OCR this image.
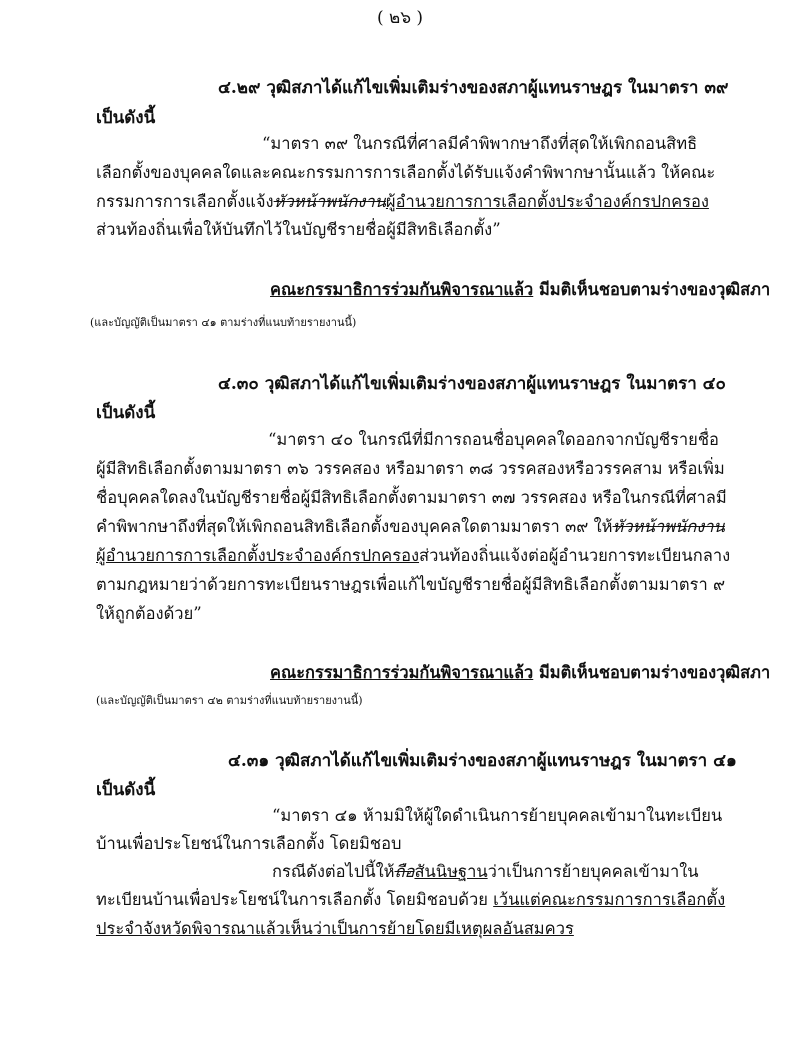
( ๒๖ )
๔.๒๙ วุฒิสภาได้แก้ไขเพิ่มเติมร่างของสภาผู้แทนราษฎร ในมาตรา ๓๙
เป็นดังนี้
“มาตรา ๓๙ ในกรณีที่ศาลมีคำพิพากษาถึงที่สุดให้เพิกถอนสิทธิ
เลือกตั้งของบุคคลใดและคณะกรรมการการเลือกตั้งได้รับแจ้งคำพิพากษานั้นแล้ว ให้คณะ
กรรมการการเลือกตั้งแจ้งหัวหน้าพนักงานผู้อำนวยการการเลือกตั้งประจำองค์กรปกครอง
ส่วนท้องถิ่นเพื่อให้บันทึกไว้ในบัญชีรายชื่อผู้มีสิทธิเลือกตั้ง”
คณะกรรมาธิการร่วมกันพิจารณาแล้ว มีมติเห็นชอบตามร่างของวุฒิสภา
(และบัญญัติเป็นมาตรา ๔๑ ตามร่างที่แนบท้ายรายงานนี้)
๔.๓๐ วุฒิสภาได้แก้ไขเพิ่มเติมร่างของสภาผู้แทนราษฎร ในมาตรา ๔๐
เป็นดังนี้
“มาตรา ๔๐ ในกรณีที่มีการถอนชื่อบุคคลใดออกจากบัญชีรายชื่อ
ผู้มีสิทธิเลือกตั้งตามมาตรา ๓๖ วรรคสอง หรือมาตรา ๓๘ วรรคสองหรือวรรคสาม หรือเพิ่ม
ชื่อบุคคลใดลงในบัญชีรายชื่อผู้มีสิทธิเลือกตั้งตามมาตรา ๓๗ วรรคสอง หรือในกรณีที่ศาลมี
คำพิพากษาถึงที่สุดให้เพิกถอนสิทธิเลือกตั้งของบุคคลใดตามมาตรา ๓๙ ให้หัวหน้าพนักงาน
ผู้อำนวยการการเลือกตั้งประจำองค์กรปกครองส่วนท้องถิ่นแจ้งต่อผู้อำนวยการทะเบียนกลาง
ตามกฎหมายว่าด้วยการทะเบียนราษฎรเพื่อแก้ไขบัญชีรายชื่อผู้มีสิทธิเลือกตั้งตามมาตรา ๙
ให้ถูกต้องด้วย”
คณะกรรมาธิการร่วมกันพิจารณาแล้ว มีมติเห็นชอบตามร่างของวุฒิสภา
(และบัญญัติเป็นมาตรา ๔๒ ตามร่างที่แนบท้ายรายงานนี้)
๔.๓๑ วุฒิสภาได้แก้ไขเพิ่มเติมร่างของสภาผู้แทนราษฎร ในมาตรา ๔๑
เป็นดังนี้
“มาตรา ๔๑ ห้ามมิให้ผู้ใดดำเนินการย้ายบุคคลเข้ามาในทะเบียน
บ้านเพื่อประโยชน์ในการเลือกตั้ง โดยมิชอบ
กรณีดังต่อไปนี้ให้ถือสันนิษฐานว่าเป็นการย้ายบุคคลเข้ามาใน
ทะเบียนบ้านเพื่อประโยชน์ในการเลือกตั้ง โดยมิชอบด้วย เว้นแต่คณะกรรมการการเลือกตั้ง
ประจำจังหวัดพิจารณาแล้วเห็นว่าเป็นการย้ายโดยมีเหตุผลอันสมควร
